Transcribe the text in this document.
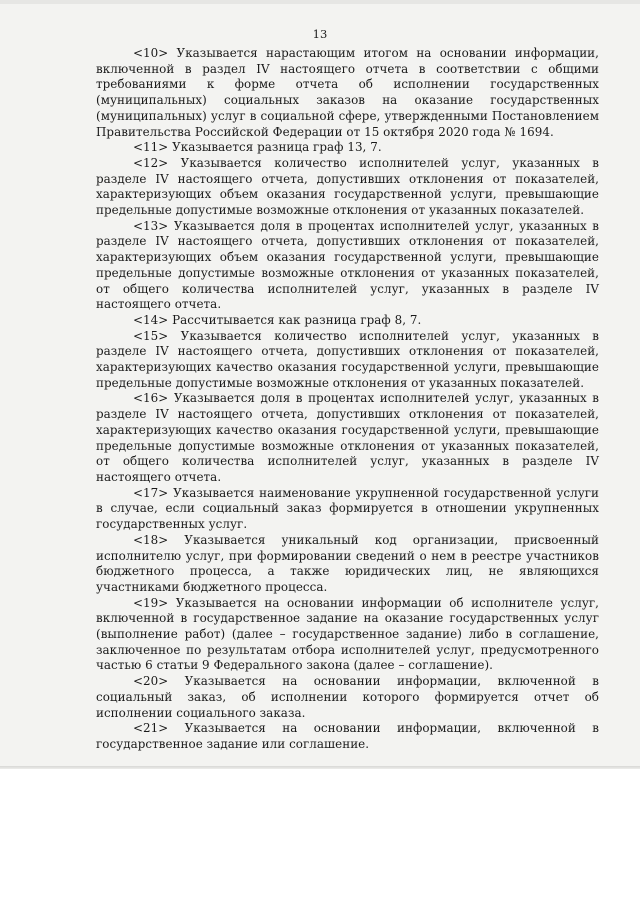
13

<10> Указывается нарастающим итогом на основании информации, включенной в раздел IV настоящего отчета в соответствии с общими требованиями к форме отчета об исполнении государственных (муниципальных) социальных заказов на оказание государственных (муниципальных) услуг в социальной сфере, утвержденными Постановлением Правительства Российской Федерации от 15 октября 2020 года № 1694.

<11> Указывается разница граф 13, 7.

<12> Указывается количество исполнителей услуг, указанных в разделе IV настоящего отчета, допустивших отклонения от показателей, характеризующих объем оказания государственной услуги, превышающие предельные допустимые возможные отклонения от указанных показателей.

<13> Указывается доля в процентах исполнителей услуг, указанных в разделе IV настоящего отчета, допустивших отклонения от показателей, характеризующих объем оказания государственной услуги, превышающие предельные допустимые возможные отклонения от указанных показателей, от общего количества исполнителей услуг, указанных в разделе IV настоящего отчета.

<14> Рассчитывается как разница граф 8, 7.

<15> Указывается количество исполнителей услуг, указанных в разделе IV настоящего отчета, допустивших отклонения от показателей, характеризующих качество оказания государственной услуги, превышающие предельные допустимые возможные отклонения от указанных показателей.

<16> Указывается доля в процентах исполнителей услуг, указанных в разделе IV настоящего отчета, допустивших отклонения от показателей, характеризующих качество оказания государственной услуги, превышающие предельные допустимые возможные отклонения от указанных показателей, от общего количества исполнителей услуг, указанных в разделе IV настоящего отчета.

<17> Указывается наименование укрупненной государственной услуги в случае, если социальный заказ формируется в отношении укрупненных государственных услуг.

<18> Указывается уникальный код организации, присвоенный исполнителю услуг, при формировании сведений о нем в реестре участников бюджетного процесса, а также юридических лиц, не являющихся участниками бюджетного процесса.

<19> Указывается на основании информации об исполнителе услуг, включенной в государственное задание на оказание государственных услуг (выполнение работ) (далее – государственное задание) либо в соглашение, заключенное по результатам отбора исполнителей услуг, предусмотренного частью 6 статьи 9 Федерального закона (далее – соглашение).

<20> Указывается на основании информации, включенной в социальный заказ, об исполнении которого формируется отчет об исполнении социального заказа.

<21> Указывается на основании информации, включенной в государственное задание или соглашение.
